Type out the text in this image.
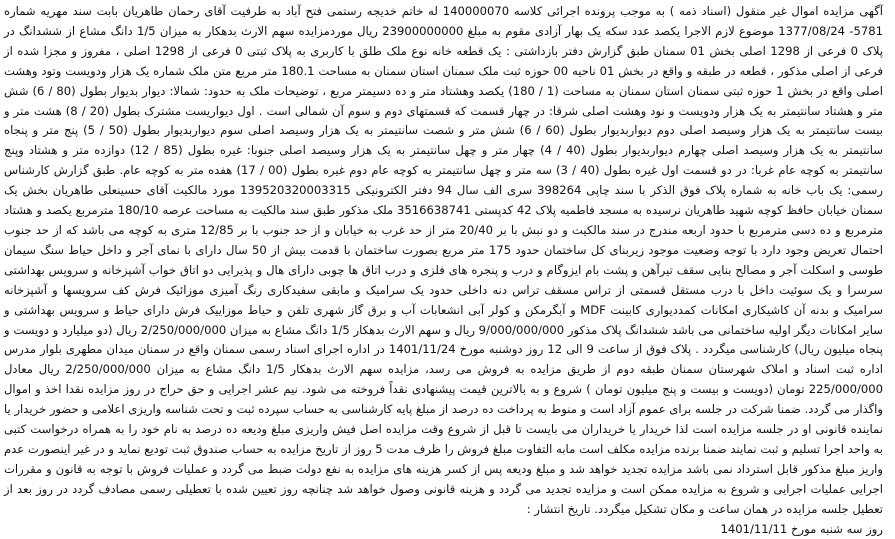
آگهی مزایده اموال غیر منقول (اسناد ذمه ) به موجب پرونده اجرائی کلاسه 140000070 له خاتم خدیجه رستمی فتح آباد به طرفیت آقای رحمان طاهریان بابت سند مهریه شماره 5781- 1377/08/24 موضوع لازم الاجرا یکصد عدد سکه یک بهار آزادی مقوم به مبلغ 23900000000 ریال موردمزایده سهم الارث بدهکار به میزان 1/5 دانگ مشاع از ششدانگ در پلاک 0 فرعی از 1298 اصلی بخش 01 سمنان طبق گزارش دفتر بازداشتی : یک قطعه خانه نوع ملک طلق با کاربری به پلاک ثبتی 0 فرعی از 1298 اصلی ، مفروز و مجزا شده از فرعی از اصلی مذکور ، قطعه در طبقه و واقع در بخش 01 ناحیه 00 حوزه ثبت ملک سمنان استان سمنان به مساحت 180.1 متر مربع متن ملک شماره یک هزار ودویست وتود وهشت اصلی واقع در بخش 1 حوزه ثبتی سمنان استان سمنان به مساحت (1 / 180) یکصد وهشتاد متر و ده دسیمتر مربع ، توضیحات ملک به حدود: شمالا: دیوار بدیوار بطول (80 / 6) شش متر و هشتاد سانتیمتر به یک هزار ودویست و نود وهشت اصلی شرقا: در چهار قسمت که قسمتهای دوم و سوم آن شمالی است . اول دیواریست مشترک بطول (20 / 8) هشت متر و بیست سانتیمتر به یک هزار وسیصد اصلی دوم دیواربدیوار بطول (60 / 6) شش متر و شصت سانتیمتر به یک هزار وسیصد اصلی سوم دیواربدیوار بطول (50 / 5) پنج متر و پنجاه سانتیمتر به یک هزار وسیصد اصلی چهارم دیواربدیوار بطول (40 / 4) چهار متر و چهل سانتیمتر به یک هزار وسیصد اصلی جنوبا: غیره بطول (85 / 12) دوازده متر و هشتاد وپنج سانتیمتر به کوچه عام غربا: در دو قسمت اول غیره بطول (40 / 3) سه متر و چهل سانتیمتر به کوچه عام دوم غیره بطول (00 / 17) هفده متر به کوچه عام. طبق گزارش کارشناس رسمی: یک باب خانه به شماره پلاک فوق الذکر با سند چاپی 398264 سری الف سال 94 دفتر الکترونیکی 139520320003315 مورد مالکیت آقای حسینعلی طاهریان بخش یک سمنان خیابان حافظ کوچه شهید طاهریان نرسیده به مسجد فاطمیه پلاک 42 کدپستی 3516638741 ملک مذکور طبق سند مالکیت به مساحت عرصه 180/10 مترمربع یکصد و هشتاد مترمربع و ده دسی مترمربع با حدود اربعه مندرج در سند مالکیت و دو نبش با بر 20/40 متر از حد غرب به خیابان و از حد جنوب با بر 12/85 متری به کوچه می باشد که از حد جنوب احتمال تعریض وجود دارد با توجه وضعیت موجود زیربنای کل ساختمان حدود 175 متر مربع بصورت ساختمان با قدمت بیش از 50 سال دارای با نمای آجر و داخل حیاط سنگ سیمان طوسی و اسکلت آجر و مصالح بنایی سقف تیرآهن و پشت بام ایزوگام و درب و پنجره های فلزی و درب اتاق ها چوبی دارای هال و پذیرایی دو اتاق خواب آشپزخانه و سرویس بهداشتی سرسرا و یک سوئیت داخل با درب مستقل قسمتی از تراس مسقف تراس دنه داخلی حدود یک سرامیک و مابقی سفیدکاری رنگ آمیزی موزائیک فرش کف سرویسها و آشپزخانه سرامیک و بدنه آن کاشیکاری امکانات کمددیواری کابینت MDF و آبگرمکن و کولر آبی انشعابات آب و برق گاز شهری تلفن و حیاط موزاییک فرش دارای حیاط و سرویس بهداشتی و سایر امکانات دیگر اولیه ساختمانی می باشد ششدانگ پلاک مذکور 9/000/000/000 ریال و سهم الارث بدهکار 1/5 دانگ مشاع به میزان 2/250/000/000 ریال (دو میلیارد و دویست و پنجاه میلیون ریال) کارشناسی میگردد . پلاک فوق از ساعت 9 الی 12 روز دوشنبه مورخ 1401/11/24 در اداره اجرای اسناد رسمی سمنان واقع در سمنان میدان مطهری بلوار مدرس اداره ثبت اسناد و املاک شهرستان سمنان طبقه دوم از طریق مزایده به فروش می رسد، مزایده سهم الارث بدهکار 1/5 دانگ مشاع به میزان 2/250/000/000 ریال معادل 225/000/000 تومان (دویست و بیست و پنج میلیون تومان ) شروع و به بالاترین قیمت پیشنهادی نقداً فروخته می شود. نیم عشر اجرایی و حق حراج در روز مزایده نقدا اخذ و اموال واگذار می گردد. ضمنا شرکت در جلسه برای عموم آزاد است و منوط به پرداخت ده درصد از مبلغ پایه کارشناسی به حساب سپرده ثبت و تحت شناسه واریزی اعلامی و حضور خریدار یا نماینده قانونی او در جلسه مزایده است لذا خریدار یا خریداران می بایست تا قبل از شروع وقت مزایده اصل فیش واریزی مبلغ ودیعه ده درصد به نام خود را به همراه درخواست کتبی به واحد اجرا تسلیم و ثبت نمایند ضمنا برنده مزایده مکلف است مابه التفاوت مبلغ فروش را ظرف مدت 5 روز از تاریخ مزایده به حساب صندوق ثبت تودیع نماید و در غیر اینصورت عدم واریز مبلغ مذکور قابل استرداد نمی باشد مزایده تجدید خواهد شد و مبلغ ودیعه پس از کسر هزینه های مزایده به نفع دولت ضبط می گردد و عملیات فروش با توجه به قانون و مقررات اجرایی عملیات اجرایی و شروع به مزایده ممکن است و مزایده تجدید می گردد و هزینه قانونی وصول خواهد شد چنانچه روز تعیین شده با تعطیلی رسمی مصادف گردد در روز بعد از تعطیل جلسه مزایده در همان ساعت و مکان تشکیل میگردد. تاریخ انتشار :

روز سه شنبه مورخ 1401/11/11
